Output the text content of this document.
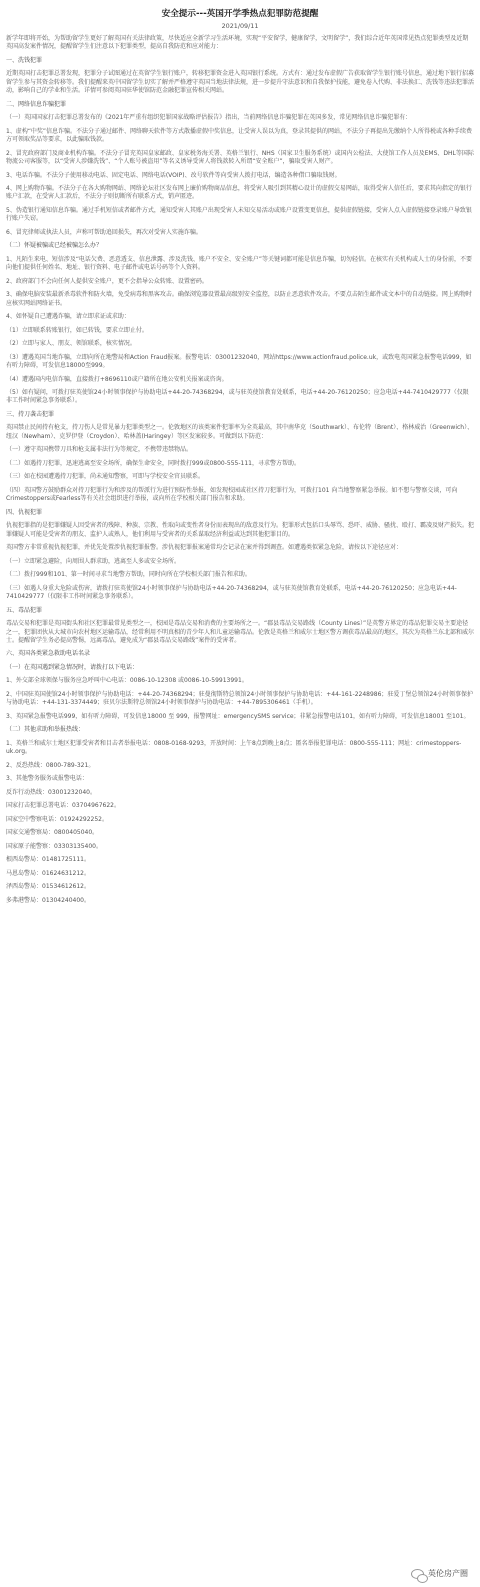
安全提示---英国开学季热点犯罪防范提醒
2021/09/11

新学年即将开始，为帮助留学生更好了解英国有关法律政策，尽快适应全新学习生活环境，实现“平安留学，健康留学，文明留学”，我们综合近年英国常见热点犯罪类型及近期英国高发案件情况，提醒留学生们注意以下犯罪类型，提高自我防范和应对能力：

一、洗钱犯罪

近期英国打击犯罪总署发现，犯罪分子试图通过在英留学生银行账户，转移犯罪资金进入英国银行系统。方式有：通过发布虚假广告获取留学生银行账号信息，通过地下银行招募留学生参与其资金转移等。我们提醒来英中国留学生切实了解并严格遵守英国当地法律法规，进一步提升守法意识和自我保护技能，避免卷入代购、非法换汇、洗钱等违法犯罪活动，影响自己的学业和生活。详情可参阅英国驻华使馆防范金融犯罪宣传相关网站。

二、网络信息诈骗犯罪

（一）英国国家打击犯罪总署发布的《2021年严重有组织犯罪国家战略评估报告》指出，当前网络信息诈骗犯罪在英国多发，常见网络信息诈骗犯罪有：

1、虚构“中奖”信息诈骗。不法分子通过邮件、网络聊天软件等方式散播虚假中奖信息，让受害人误以为真，登录其提供的网站，不法分子再提出先缴纳个人所得税或各种手续费方可领取奖品等要求，以此骗取钱款。

2、冒充政府部门及商业机构诈骗。不法分子冒充英国皇家邮政、皇家税务海关署、英格兰银行、NHS（国家卫生服务系统）或国内公检法、大使馆工作人员及EMS、DHL等国际物流公司客服等，以“受害人涉嫌洗钱”、“个人账号被盗用”等名义诱导受害人将钱款转入所谓“安全账户”，骗取受害人财产。

3、电话诈骗。不法分子使用移动电话、固定电话、网络电话(VOIP)、改号软件等向受害人拨打电话，编造各种借口骗取钱财。

4、网上购物诈骗。不法分子在各大购物网站、网络论坛社区发布网上廉价购物商品信息，将受害人吸引到其精心设计的虚假交易网站，取得受害人信任后，要求其向指定的银行账户汇款，在受害人汇款后，不法分子则切断所有联系方式，销声匿迹。

5、伪造银行通知信息诈骗。通过手机短信或者邮件方式，通知受害人其账户出现受害人未知交易活动或账户设置变更信息，提供虚假链接，受害人点入虚假链接登录账户导致银行账户失窃。

6、冒充律师或执法人员，声称可帮助追回损失，再次对受害人实施诈骗。

（二）怀疑被骗或已经被骗怎么办？

1、凡陌生来电、短信涉及“电话欠费、恶意透支、信息泄露、涉及洗钱、账户不安全、安全账户”等关键词都可能是信息诈骗，切勿轻信。在核实有关机构或人士的身份前，不要向他们提供任何姓名、地址、银行资料、电子邮件或电话号码等个人资料。

2、政府部门不会向任何人提供安全账户，更不会指导公众转账、设置密码。

3、确保电脑安装最新杀毒软件和防火墙，免受病毒和黑客攻击。确保浏览器设置最高级别安全监控，以防止恶意软件攻击。不要点击陌生邮件或文本中的自动链接。网上购物时应核实网站网络证书。

4、如怀疑自己遭遇诈骗，请立即求证或求助：

（1）立即联系转账银行，如已转钱，要求立即止付。

（2）立即与家人、朋友、领馆联系，核实情况。

（3）遭遇英国当地诈骗，立即向所在地警局和Action Fraud报案。报警电话：03001232040，网站https://www.actionfraud.police.uk，或致电英国紧急报警电话999，如有听力障碍，可发信息18000至999。

（4）遭遇国内电信诈骗，直接拨打+8696110或户籍所在地公安机关报案或咨询。

（5）如有疑问，可拨打驻英使馆24小时领事保护与协助电话+44-20-74368294，或与驻英使馆教育处联系，电话+44-20-76120250；应急电话+44-7410429777（仅限非工作时间紧急事务联系）。

三、持刀袭击犯罪

英国禁止民间持有枪支，持刀伤人是常见暴力犯罪类型之一。伦敦地区的该类案件犯罪率为全英最高，其中南华克（Southwark）、布伦特（Brent）、格林威治（Greenwich）、纽汉（Newham）、克罗伊登（Croydon）、哈林盖(Haringey）等区发案较多。可做到以下防范：

（一）遵守英国携带刀具和枪支属非法行为等规定，不携带违禁物品。

（二）如遇持刀犯罪，迅速逃离至安全场所，确保生命安全，同时拨打999或0800-555-111，寻求警方帮助。

（三）如在校园遭遇持刀犯罪，尚未通知警察，可即与学校安全官员联系。

（四）英国警方鼓励群众对持刀犯罪行为和涉及的帮派行为进行预防性举报，如发现校园或社区持刀犯罪行为，可拨打101 向当地警察紧急举报。如不想与警察交谈，可向Crimestoppers或Fearless等有关社会组织进行举报，或向所在学校相关部门报告和求助。

四、仇视犯罪

仇视犯罪指的是犯罪嫌疑人因受害者的残障、种族、宗教、性取向或变性者身份而表现出的敌意及行为。犯罪形式包括口头辱骂、恐吓、威胁、骚扰、殴打、霸凌及财产损失。犯罪嫌疑人可能是受害者的朋友、监护人或熟人，他们利用与受害者的关系谋取经济利益或达到其他犯罪目的。

英国警方非常重视仇视犯罪，并优先处置涉仇视犯罪报警。涉仇视犯罪报案通常均会记录在案并得到调查。如遭遇类似紧急危险，请按以下途径应对：

（一）立即紧急避险，向周围人群求助，逃离至人多或安全场所。

（二）拨打999和101、第一时间寻求当地警方帮助，同时向所在学校相关部门报告和求助。

（三）如遇人身重大危险或伤害，请拨打驻英使馆24小时领事保护与协助电话+44-20-74368294，或与驻英使馆教育处联系，电话+44-20-76120250；应急电话+44-7410429777（仅限非工作时间紧急事务联系）。

五、毒品犯罪

毒品交易和犯罪是英国街头和社区犯罪最常见类型之一，校园是毒品交易和消费的主要场所之一。“郡县毒品交易路线（County Lines）”是英警方界定的毒品犯罪交易主要途径之一，犯罪团伙从大城市向农村地区运输毒品，经常利用不明真相的青少年人和儿童运输毒品。伦敦是英格兰和威尔士地区警方调获毒品最高的地区，其次为英格兰东北部和威尔士。提醒留学生务必提高警惕，远离毒品，避免成为“郡县毒品交易路线”案件的受害者。

六、英国各类紧急救助电话名录

（一）在英国遇到紧急情况时，请拨打以下电话：

1、外交部全球领保与服务应急呼叫中心电话：0086-10-12308 或0086-10-59913991。

2、中国驻英国使馆24小时领事保护与协助电话：+44-20-74368294；驻曼彻斯特总领馆24小时领事保护与协助电话：+44-161-2248986；驻爱丁堡总领馆24小时领事保护与协助电话：+44-131-3374449；驻贝尔法斯特总领馆24小时领事保护与协助电话：+44-7895306461（手机）。

3、英国紧急报警电话999，如有听力障碍，可发信息18000 至 999，报警网址：emergencySMS service；非紧急报警电话101，如有听力障碍，可发信息18001 至101。

（二）其他求助和举报热线：

1、英格兰和威尔士地区犯罪受害者和目击者举报电话：0808-0168-9293，开放时间：上午8点到晚上8点；匿名举报犯罪电话：0800-555-111；网址：crimestoppers-uk.org。

2、反恐热线：0800-789-321。

3、其他警务服务或报警电话：

反诈行动热线：03001232040。

国家打击犯罪总署电话：03704967622。

国家空中警察电话：01924292252。

国家交通警察局：0800405040。

国家原子能警察：03303135400。

根西岛警局：01481725111。

马恩岛警局：01624631212。

泽西岛警局：01534612612。

多弗港警局：01304240400。

英伦房产圈
